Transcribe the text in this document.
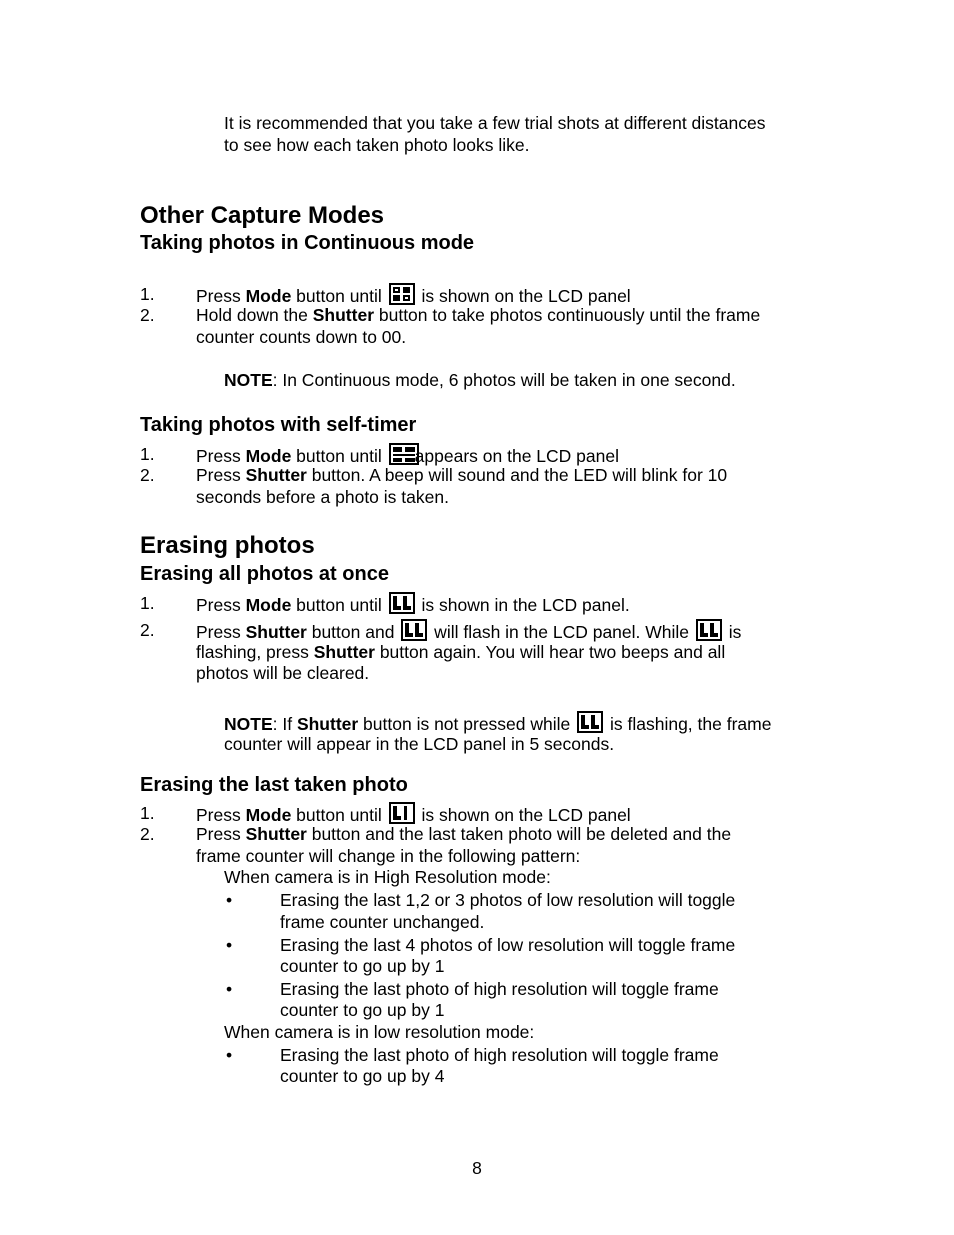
It is recommended that you take a few trial shots at different distances
to see how each taken photo looks like.
Other Capture Modes
Taking photos in Continuous mode
1. Press Mode button until
is shown on the LCD panel
2. Hold down the Shutter button to take photos continuously until the frame
counter counts down to 00.
NOTE: In Continuous mode, 6 photos will be taken in one second.
Taking photos with self-timer
1. Press Mode button until
appears on the LCD panel
2. Press Shutter button. A beep will sound and the LED will blink for 10
seconds before a photo is taken.
Erasing photos
Erasing all photos at once
1. Press Mode button until
is shown in the LCD panel.
2. Press Shutter button and
will flash in the LCD panel. While
is
flashing, press Shutter button again. You will hear two beeps and all
photos will be cleared.
NOTE: If Shutter button is not pressed while
is flashing, the frame
counter will appear in the LCD panel in 5 seconds.
Erasing the last taken photo
1. Press Mode button until
is shown on the LCD panel
2. Press Shutter button and the last taken photo will be deleted and the
frame counter will change in the following pattern:
When camera is in High Resolution mode:
•	Erasing the last 1,2 or 3 photos of low resolution will toggle
frame counter unchanged.
•	Erasing the last 4 photos of low resolution will toggle frame
counter to go up by 1
•	Erasing the last photo of high resolution will toggle frame
counter to go up by 1
When camera is in low resolution mode:
•	Erasing the last photo of high resolution will toggle frame
counter to go up by 4
8
